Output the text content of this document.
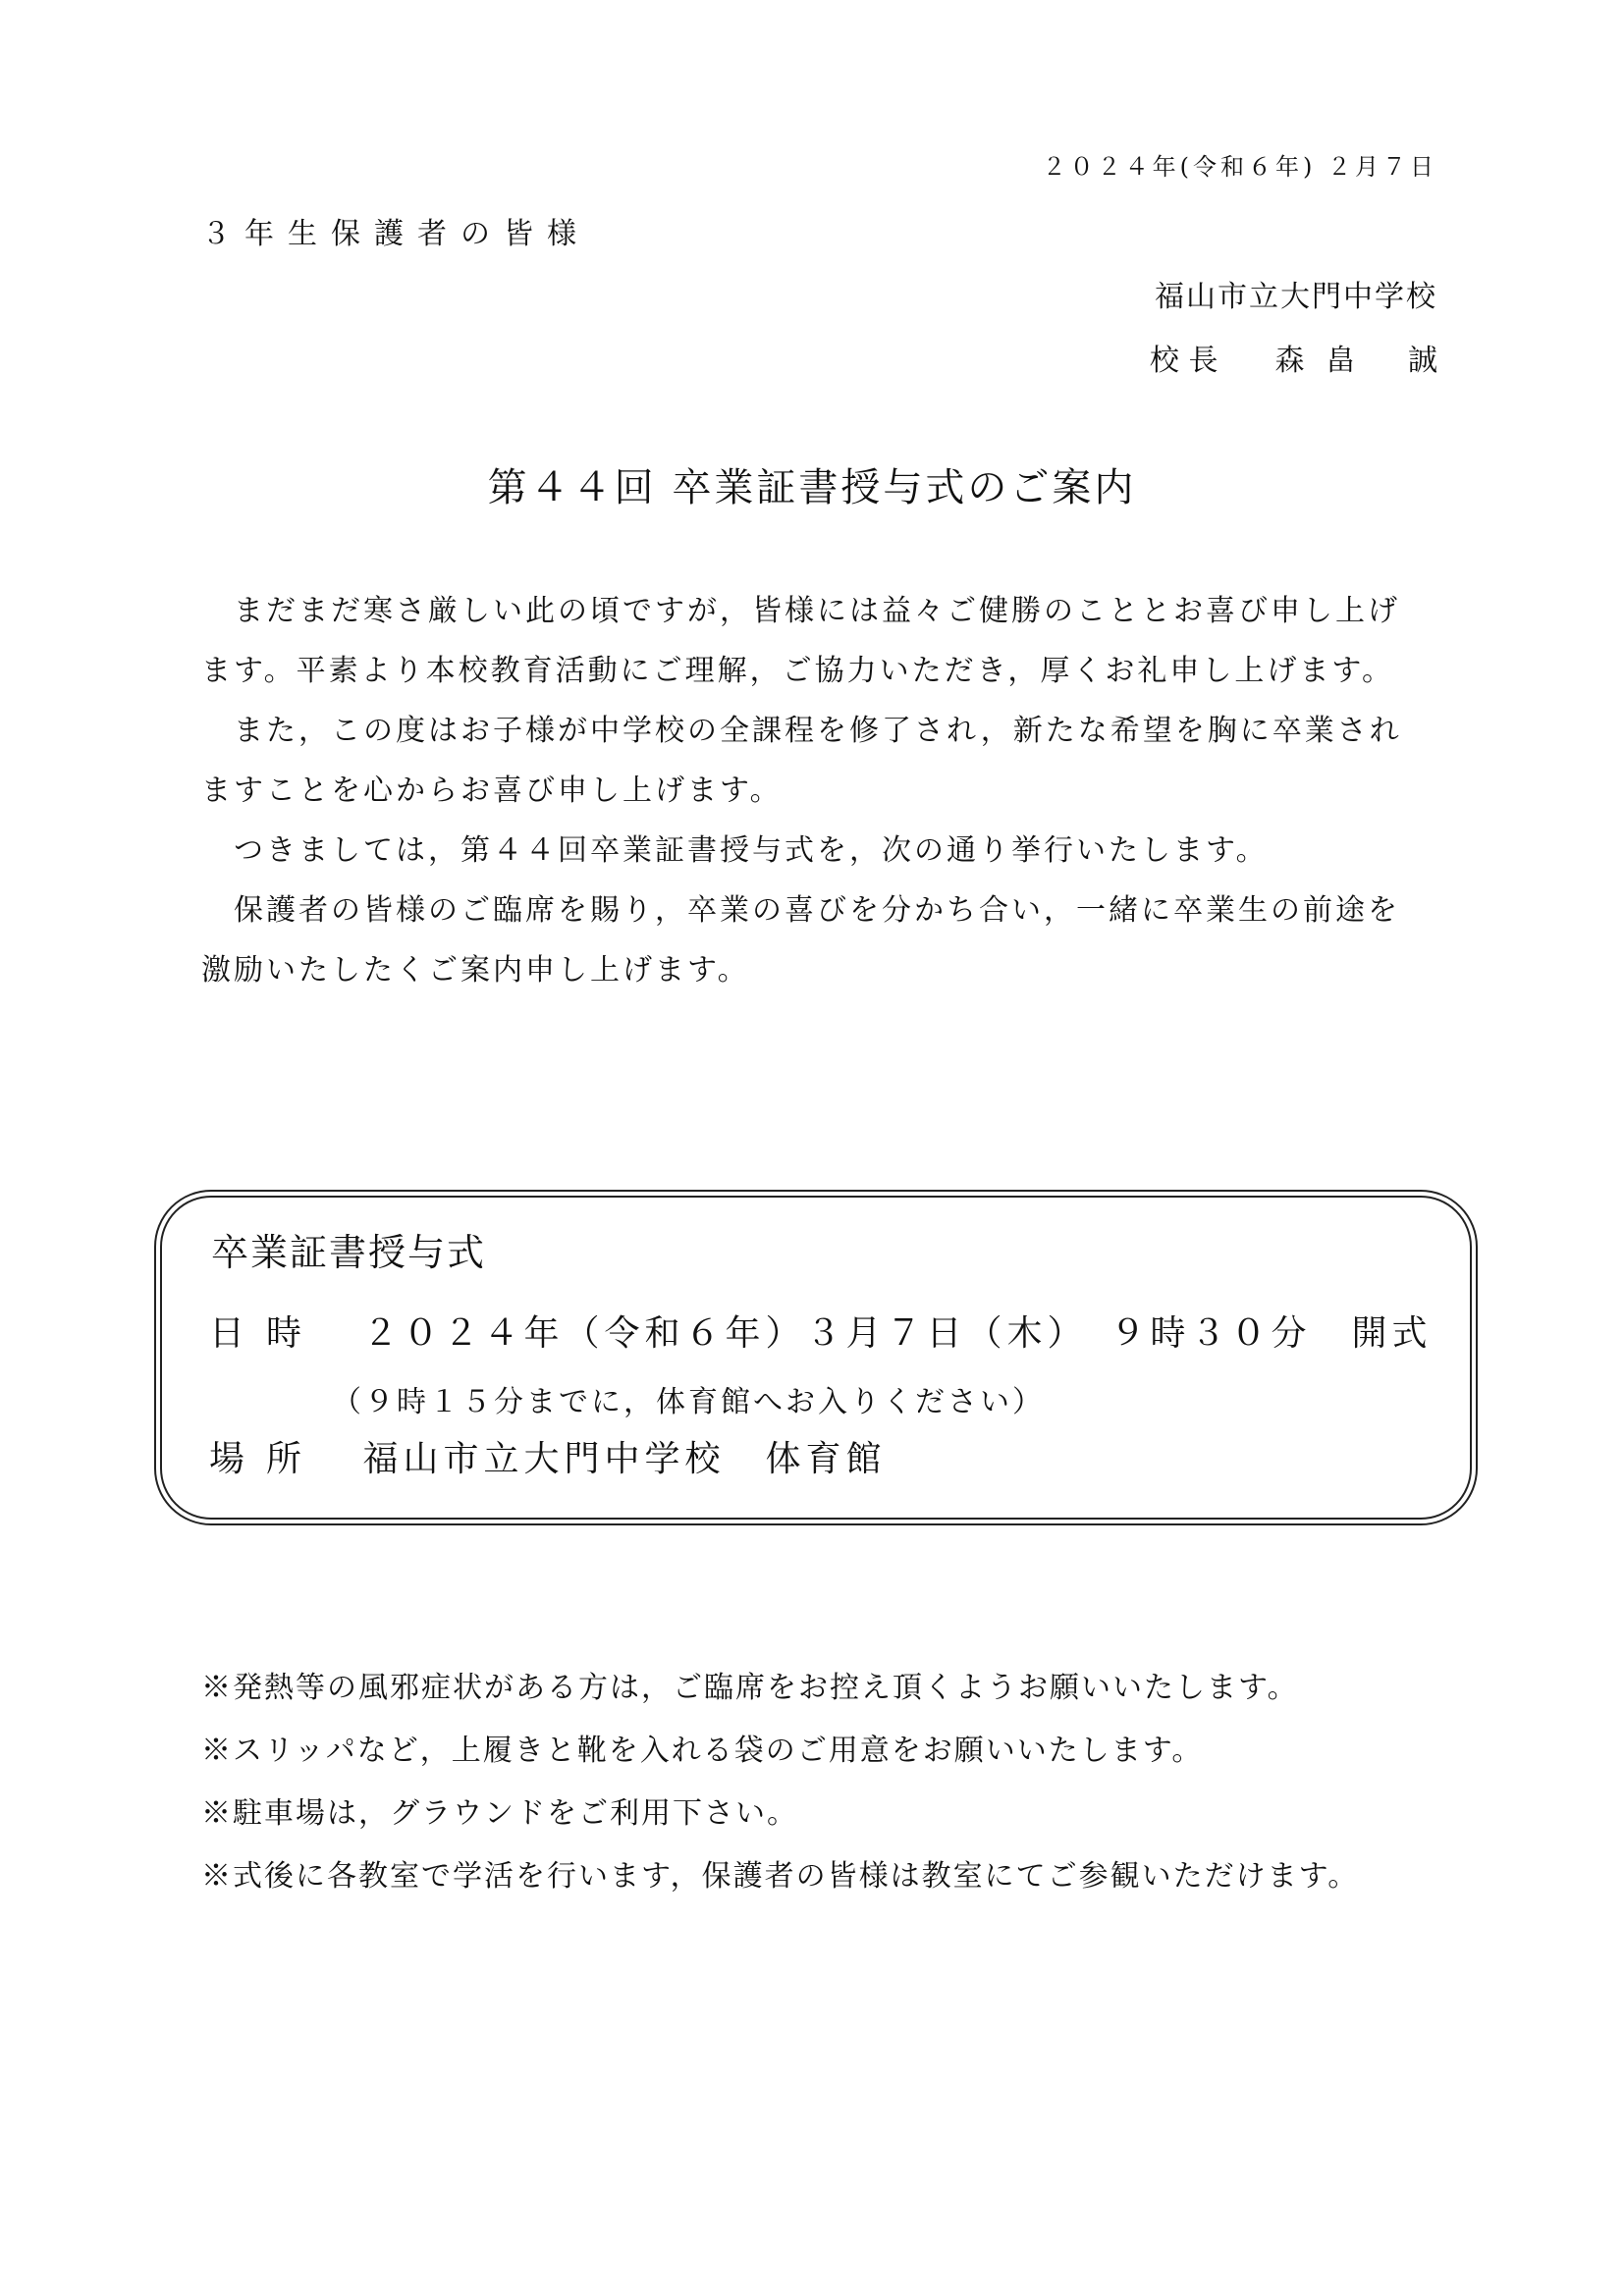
２０２４年(令和６年) ２月７日
３年生保護者の皆様
福山市立大門中学校
校 長 森畠 誠
第４４回 卒業証書授与式のご案内

　まだまだ寒さ厳しい此の頃ですが，皆様には益々ご健勝のこととお喜び申し上げます。平素より本校教育活動にご理解，ご協力いただき，厚くお礼申し上げます。

　また，この度はお子様が中学校の全課程を修了され，新たな希望を胸に卒業されますことを心からお喜び申し上げます。

　つきましては，第４４回卒業証書授与式を，次の通り挙行いたします。

　保護者の皆様のご臨席を賜り，卒業の喜びを分かち合い，一緒に卒業生の前途を激励いたしたくご案内申し上げます。

卒業証書授与式
日時 ２０２４年（令和６年）３月７日（木）　９時３０分　開式
（９時１５分までに，体育館へお入りください）
場所 福山市立大門中学校　体育館
※発熱等の風邪症状がある方は，ご臨席をお控え頂くようお願いいたします。
※スリッパなど，上履きと靴を入れる袋のご用意をお願いいたします。
※駐車場は，グラウンドをご利用下さい。
※式後に各教室で学活を行います，保護者の皆様は教室にてご参観いただけます。
